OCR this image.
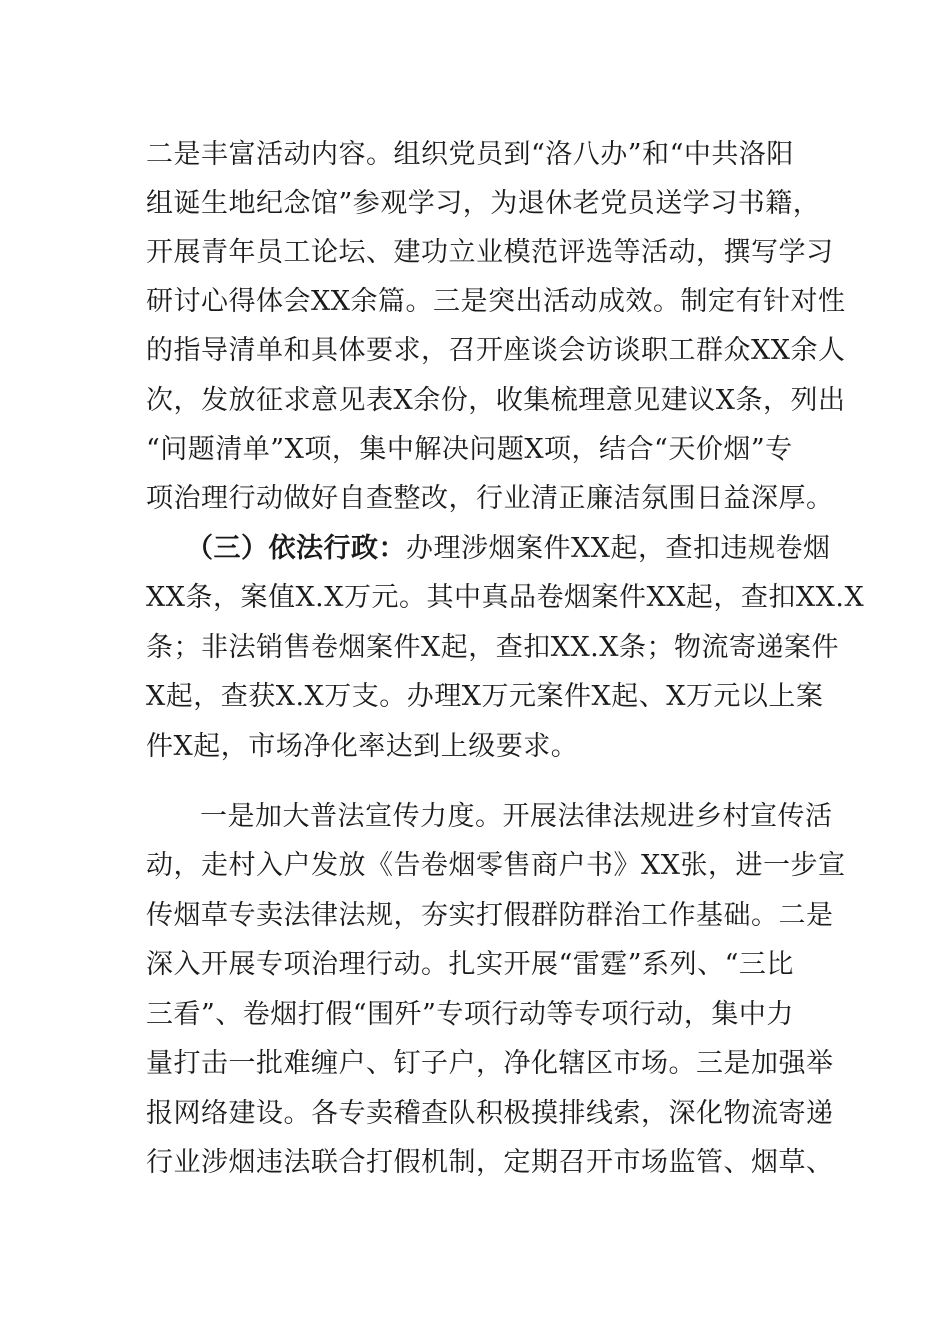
二是丰富活动内容。组织党员到“洛八办”和“中共洛阳
组诞生地纪念馆”参观学习，为退休老党员送学习书籍，
开展青年员工论坛、建功立业模范评选等活动，撰写学习
研讨心得体会XX余篇。三是突出活动成效。制定有针对性
的指导清单和具体要求，召开座谈会访谈职工群众XX余人
次，发放征求意见表X余份，收集梳理意见建议X条，列出
“问题清单”X项，集中解决问题X项，结合“天价烟”专
项治理行动做好自查整改，行业清正廉洁氛围日益深厚。
（三）依法行政：办理涉烟案件XX起，查扣违规卷烟
XX条，案值X.X万元。其中真品卷烟案件XX起，查扣XX.X
条；非法销售卷烟案件X起，查扣XX.X条；物流寄递案件
X起，查获X.X万支。办理X万元案件X起、X万元以上案
件X起，市场净化率达到上级要求。
一是加大普法宣传力度。开展法律法规进乡村宣传活
动，走村入户发放《告卷烟零售商户书》XX张，进一步宣
传烟草专卖法律法规，夯实打假群防群治工作基础。二是
深入开展专项治理行动。扎实开展“雷霆”系列、“三比
三看”、卷烟打假“围歼”专项行动等专项行动，集中力
量打击一批难缠户、钉子户，净化辖区市场。三是加强举
报网络建设。各专卖稽查队积极摸排线索，深化物流寄递
行业涉烟违法联合打假机制，定期召开市场监管、烟草、
